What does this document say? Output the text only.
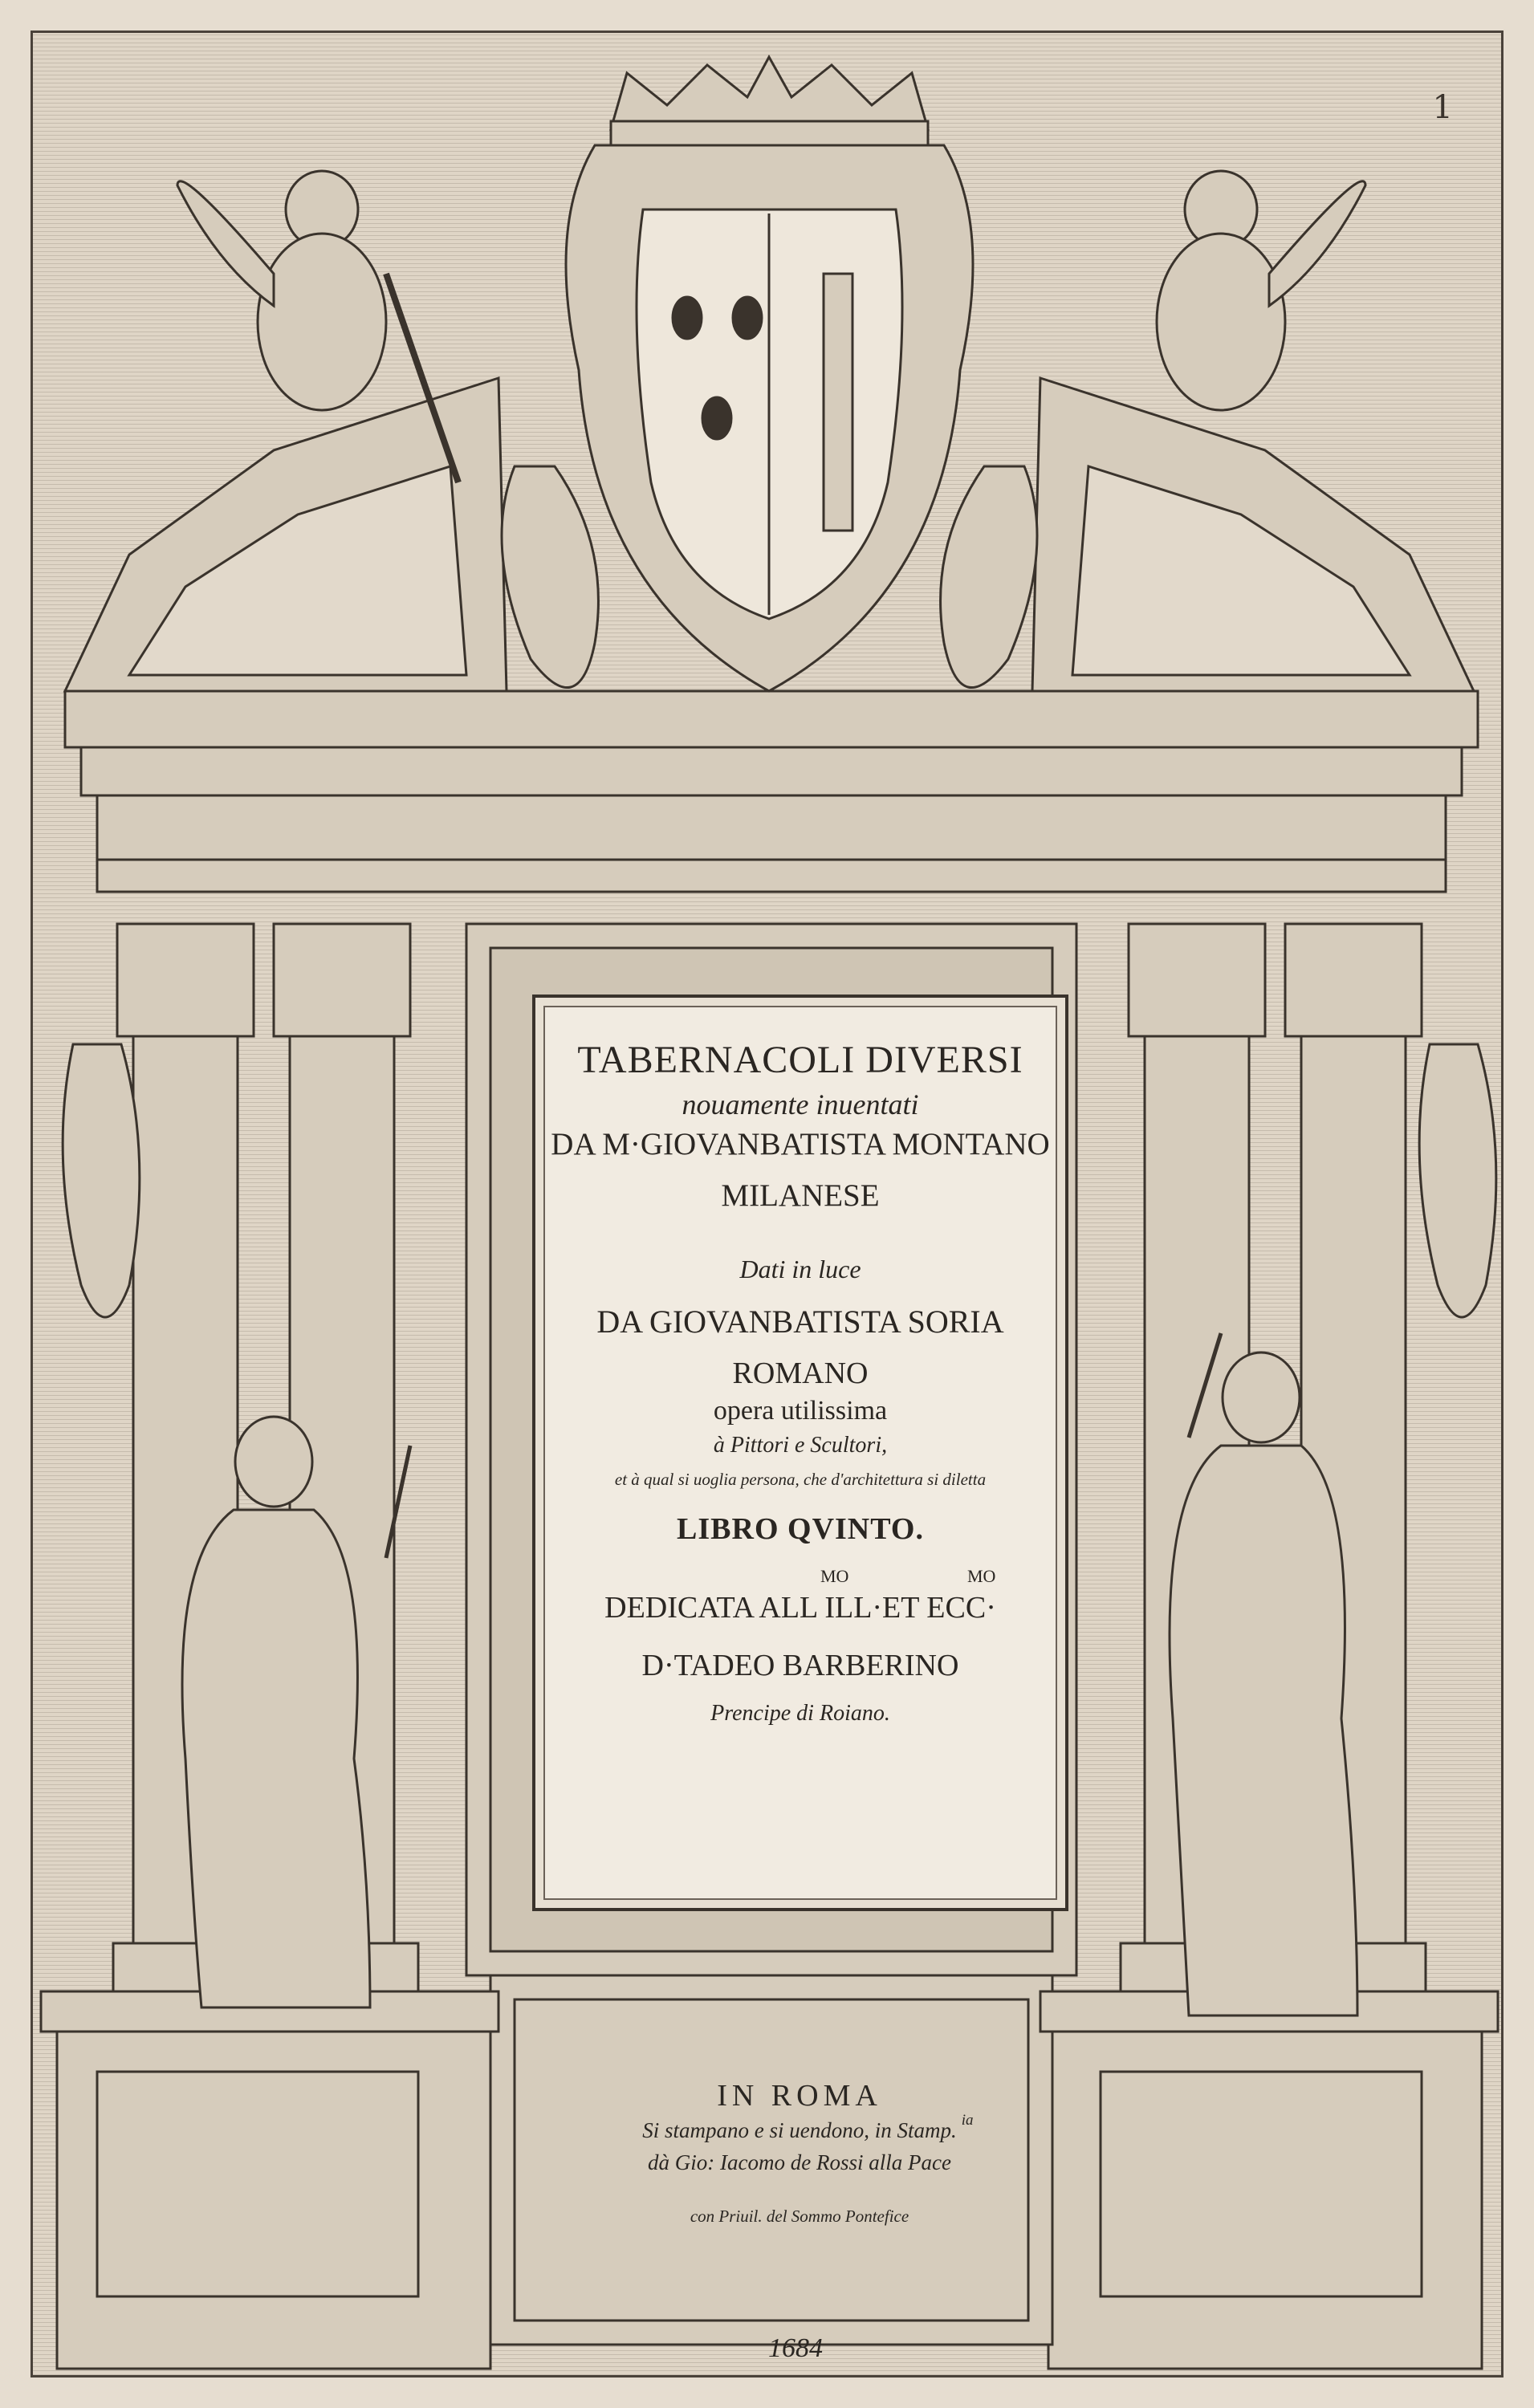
1
TABERNACOLI DIVERSI
nouamente inuentati
DA M·GIOVANBATISTA MONTANO
MILANESE
Dati in luce
DA GIOVANBATISTA SORIA
ROMANO
opera utilissima
à Pittori e Scultori,
et à qual si uoglia persona, che d'architettura si diletta
LIBRO QVINTO.
DEDICATA ALL ILL·ET ECC·
MO	MO
D·TADEO BARBERINO
Prencipe di Roiano.
IN ROMA
Si stampano e si uendono, in Stamp. ia
dà Gio: Iacomo de Rossi alla Pace
con Priuil. del Sommo Pontefice
1684
